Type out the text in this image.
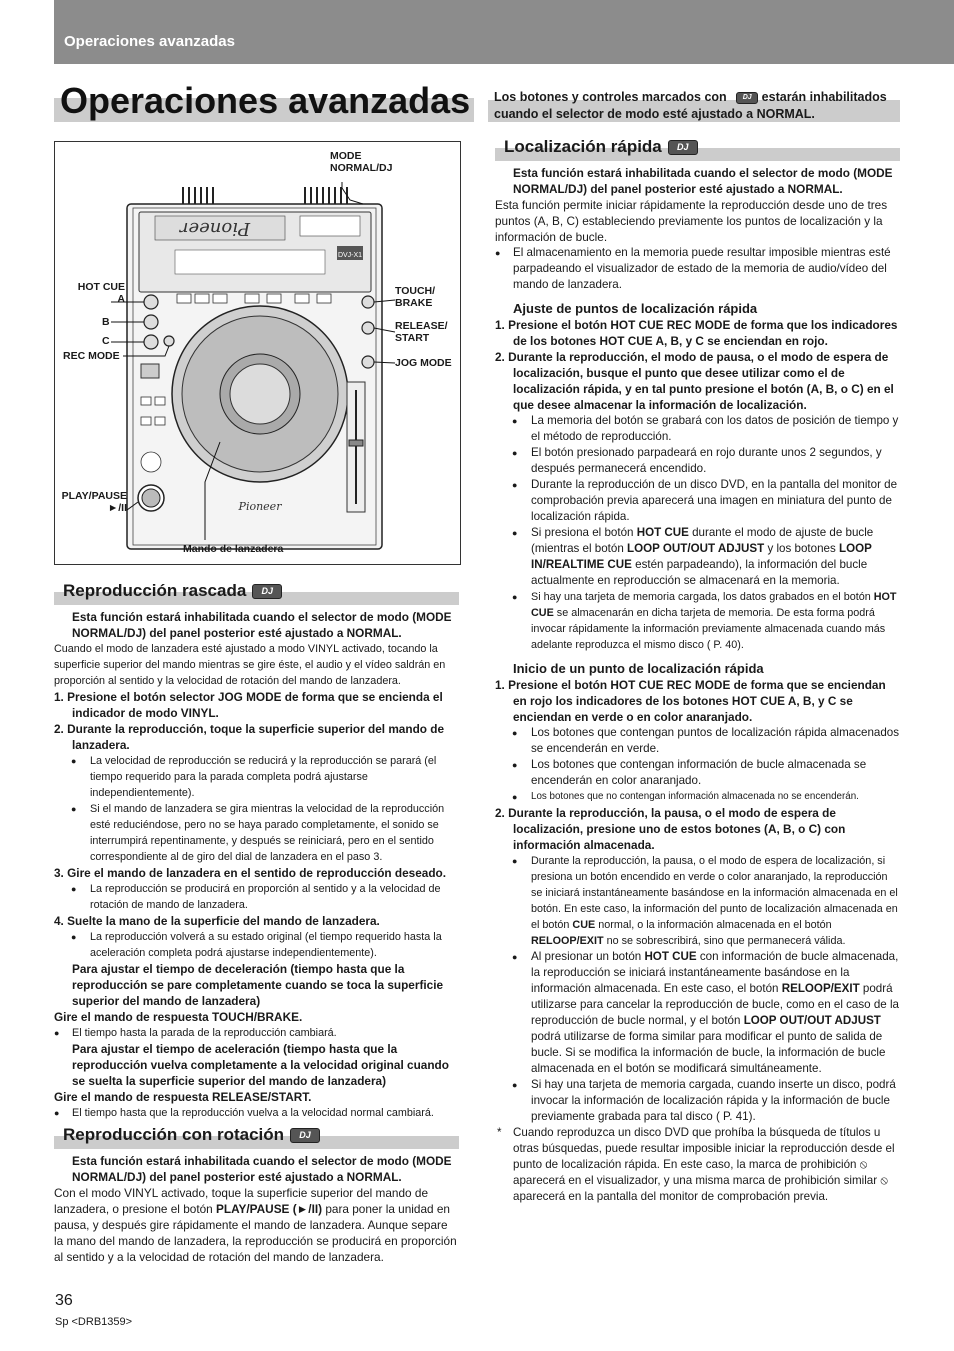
Operaciones avanzadas
Operaciones avanzadas Los botones y controles marcados con DJ estarán inhabilitados cuando el selector de modo esté ajustado a NORMAL.
Pioneer
DVJ-X1
Pioneer
MODE
NORMAL/DJ
HOT CUE
A
B
C
REC MODE
TOUCH/
BRAKE
RELEASE/
START
JOG MODE
PLAY/PAUSE
►/II
Mando de lanzadera
Reproducción rascada DJ

Esta función estará inhabilitada cuando el selector de modo (MODE NORMAL/DJ) del panel posterior esté ajustado a NORMAL.

Cuando el modo de lanzadera esté ajustado a modo VINYL activado, tocando la superficie superior del mando mientras se gire éste, el audio y el vídeo saldrán en proporción al sentido y la velocidad de rotación del mando de lanzadera.

1. Presione el botón selector JOG MODE de forma que se encienda el indicador de modo VINYL.

2. Durante la reproducción, toque la superficie superior del mando de lanzadera.

● La velocidad de reproducción se reducirá y la reproducción se parará (el tiempo requerido para la parada completa podrá ajustarse independientemente).

● Si el mando de lanzadera se gira mientras la velocidad de la reproducción esté reduciéndose, pero no se haya parado completamente, el sonido se interrumpirá repentinamente, y después se reiniciará, pero en el sentido correspondiente al de giro del dial de lanzadera en el paso 3.

3. Gire el mando de lanzadera en el sentido de reproducción deseado.

● La reproducción se producirá en proporción al sentido y a la velocidad de rotación de mando de lanzadera.

4. Suelte la mano de la superficie del mando de lanzadera.

● La reproducción volverá a su estado original (el tiempo requerido hasta la aceleración completa podrá ajustarse independientemente).

Para ajustar el tiempo de deceleración (tiempo hasta que la reproducción se pare completamente cuando se toca la superficie superior del mando de lanzadera)

Gire el mando de respuesta TOUCH/BRAKE.

● El tiempo hasta la parada de la reproducción cambiará.

Para ajustar el tiempo de aceleración (tiempo hasta que la reproducción vuelva completamente a la velocidad original cuando se suelta la superficie superior del mando de lanzadera)

Gire el mando de respuesta RELEASE/START.

● El tiempo hasta que la reproducción vuelva a la velocidad normal cambiará.

Reproducción con rotación DJ

Esta función estará inhabilitada cuando el selector de modo (MODE NORMAL/DJ) del panel posterior esté ajustado a NORMAL.

Con el modo VINYL activado, toque la superficie superior del mando de lanzadera, o presione el botón PLAY/PAUSE (►/II) para poner la unidad en pausa, y después gire rápidamente el mando de lanzadera. Aunque separe la mano del mando de lanzadera, la reproducción se producirá en proporción al sentido y a la velocidad de rotación del mando de lanzadera.

Localización rápida DJ

Esta función estará inhabilitada cuando el selector de modo (MODE NORMAL/DJ) del panel posterior esté ajustado a NORMAL.

Esta función permite iniciar rápidamente la reproducción desde uno de tres puntos (A, B, C) estableciendo previamente los puntos de localización y la información de bucle.

● El almacenamiento en la memoria puede resultar imposible mientras esté parpadeando el visualizador de estado de la memoria de audio/vídeo del mando de lanzadera.

Ajuste de puntos de localización rápida

1. Presione el botón HOT CUE REC MODE de forma que los indicadores de los botones HOT CUE A, B, y C se enciendan en rojo.

2. Durante la reproducción, el modo de pausa, o el modo de espera de localización, busque el punto que desee utilizar como el de localización rápida, y en tal punto presione el botón (A, B, o C) en el que desee almacenar la información de localización.

● La memoria del botón se grabará con los datos de posición de tiempo y el método de reproducción.

● El botón presionado parpadeará en rojo durante unos 2 segundos, y después permanecerá encendido.

● Durante la reproducción de un disco DVD, en la pantalla del monitor de comprobación previa aparecerá una imagen en miniatura del punto de localización rápida.

● Si presiona el botón HOT CUE durante el modo de ajuste de bucle (mientras el botón LOOP OUT/OUT ADJUST y los botones LOOP IN/REALTIME CUE estén parpadeando), la información del bucle actualmente en reproducción se almacenará en la memoria.

● Si hay una tarjeta de memoria cargada, los datos grabados en el botón HOT CUE se almacenarán en dicha tarjeta de memoria. De esta forma podrá invocar rápidamente la información previamente almacenada cuando más adelante reproduzca el mismo disco ( P. 40).

Inicio de un punto de localización rápida

1. Presione el botón HOT CUE REC MODE de forma que se enciendan en rojo los indicadores de los botones HOT CUE A, B, y C se enciendan en verde o en color anaranjado.

● Los botones que contengan puntos de localización rápida almacenados se encenderán en verde.

● Los botones que contengan información de bucle almacenada se encenderán en color anaranjado.

● Los botones que no contengan información almacenada no se encenderán.

2. Durante la reproducción, la pausa, o el modo de espera de localización, presione uno de estos botones (A, B, o C) con información almacenada.

● Durante la reproducción, la pausa, o el modo de espera de localización, si presiona un botón encendido en verde o color anaranjado, la reproducción se iniciará instantáneamente basándose en la información almacenada en el botón. En este caso, la información del punto de localización almacenada en el botón CUE normal, o la información almacenada en el botón RELOOP/EXIT no se sobrescribirá, sino que permanecerá válida.

● Al presionar un botón HOT CUE con información de bucle almacenada, la reproducción se iniciará instantáneamente basándose en la información almacenada. En este caso, el botón RELOOP/EXIT podrá utilizarse para cancelar la reproducción de bucle, como en el caso de la reproducción de bucle normal, y el botón LOOP OUT/OUT ADJUST podrá utilizarse de forma similar para modificar el punto de salida de bucle. Si se modifica la información de bucle, la información de bucle almacenada en el botón se modificará simultáneamente.

● Si hay una tarjeta de memoria cargada, cuando inserte un disco, podrá invocar la información de localización rápida y la información de bucle previamente grabada para tal disco ( P. 41).

* Cuando reproduzca un disco DVD que prohíba la búsqueda de títulos u otras búsquedas, puede resultar imposible iniciar la reproducción desde el punto de localización rápida. En este caso, la marca de prohibición ⦸ aparecerá en el visualizador, y una misma marca de prohibición similar ⦸ aparecerá en la pantalla del monitor de comprobación previa.

36
Sp <DRB1359>
